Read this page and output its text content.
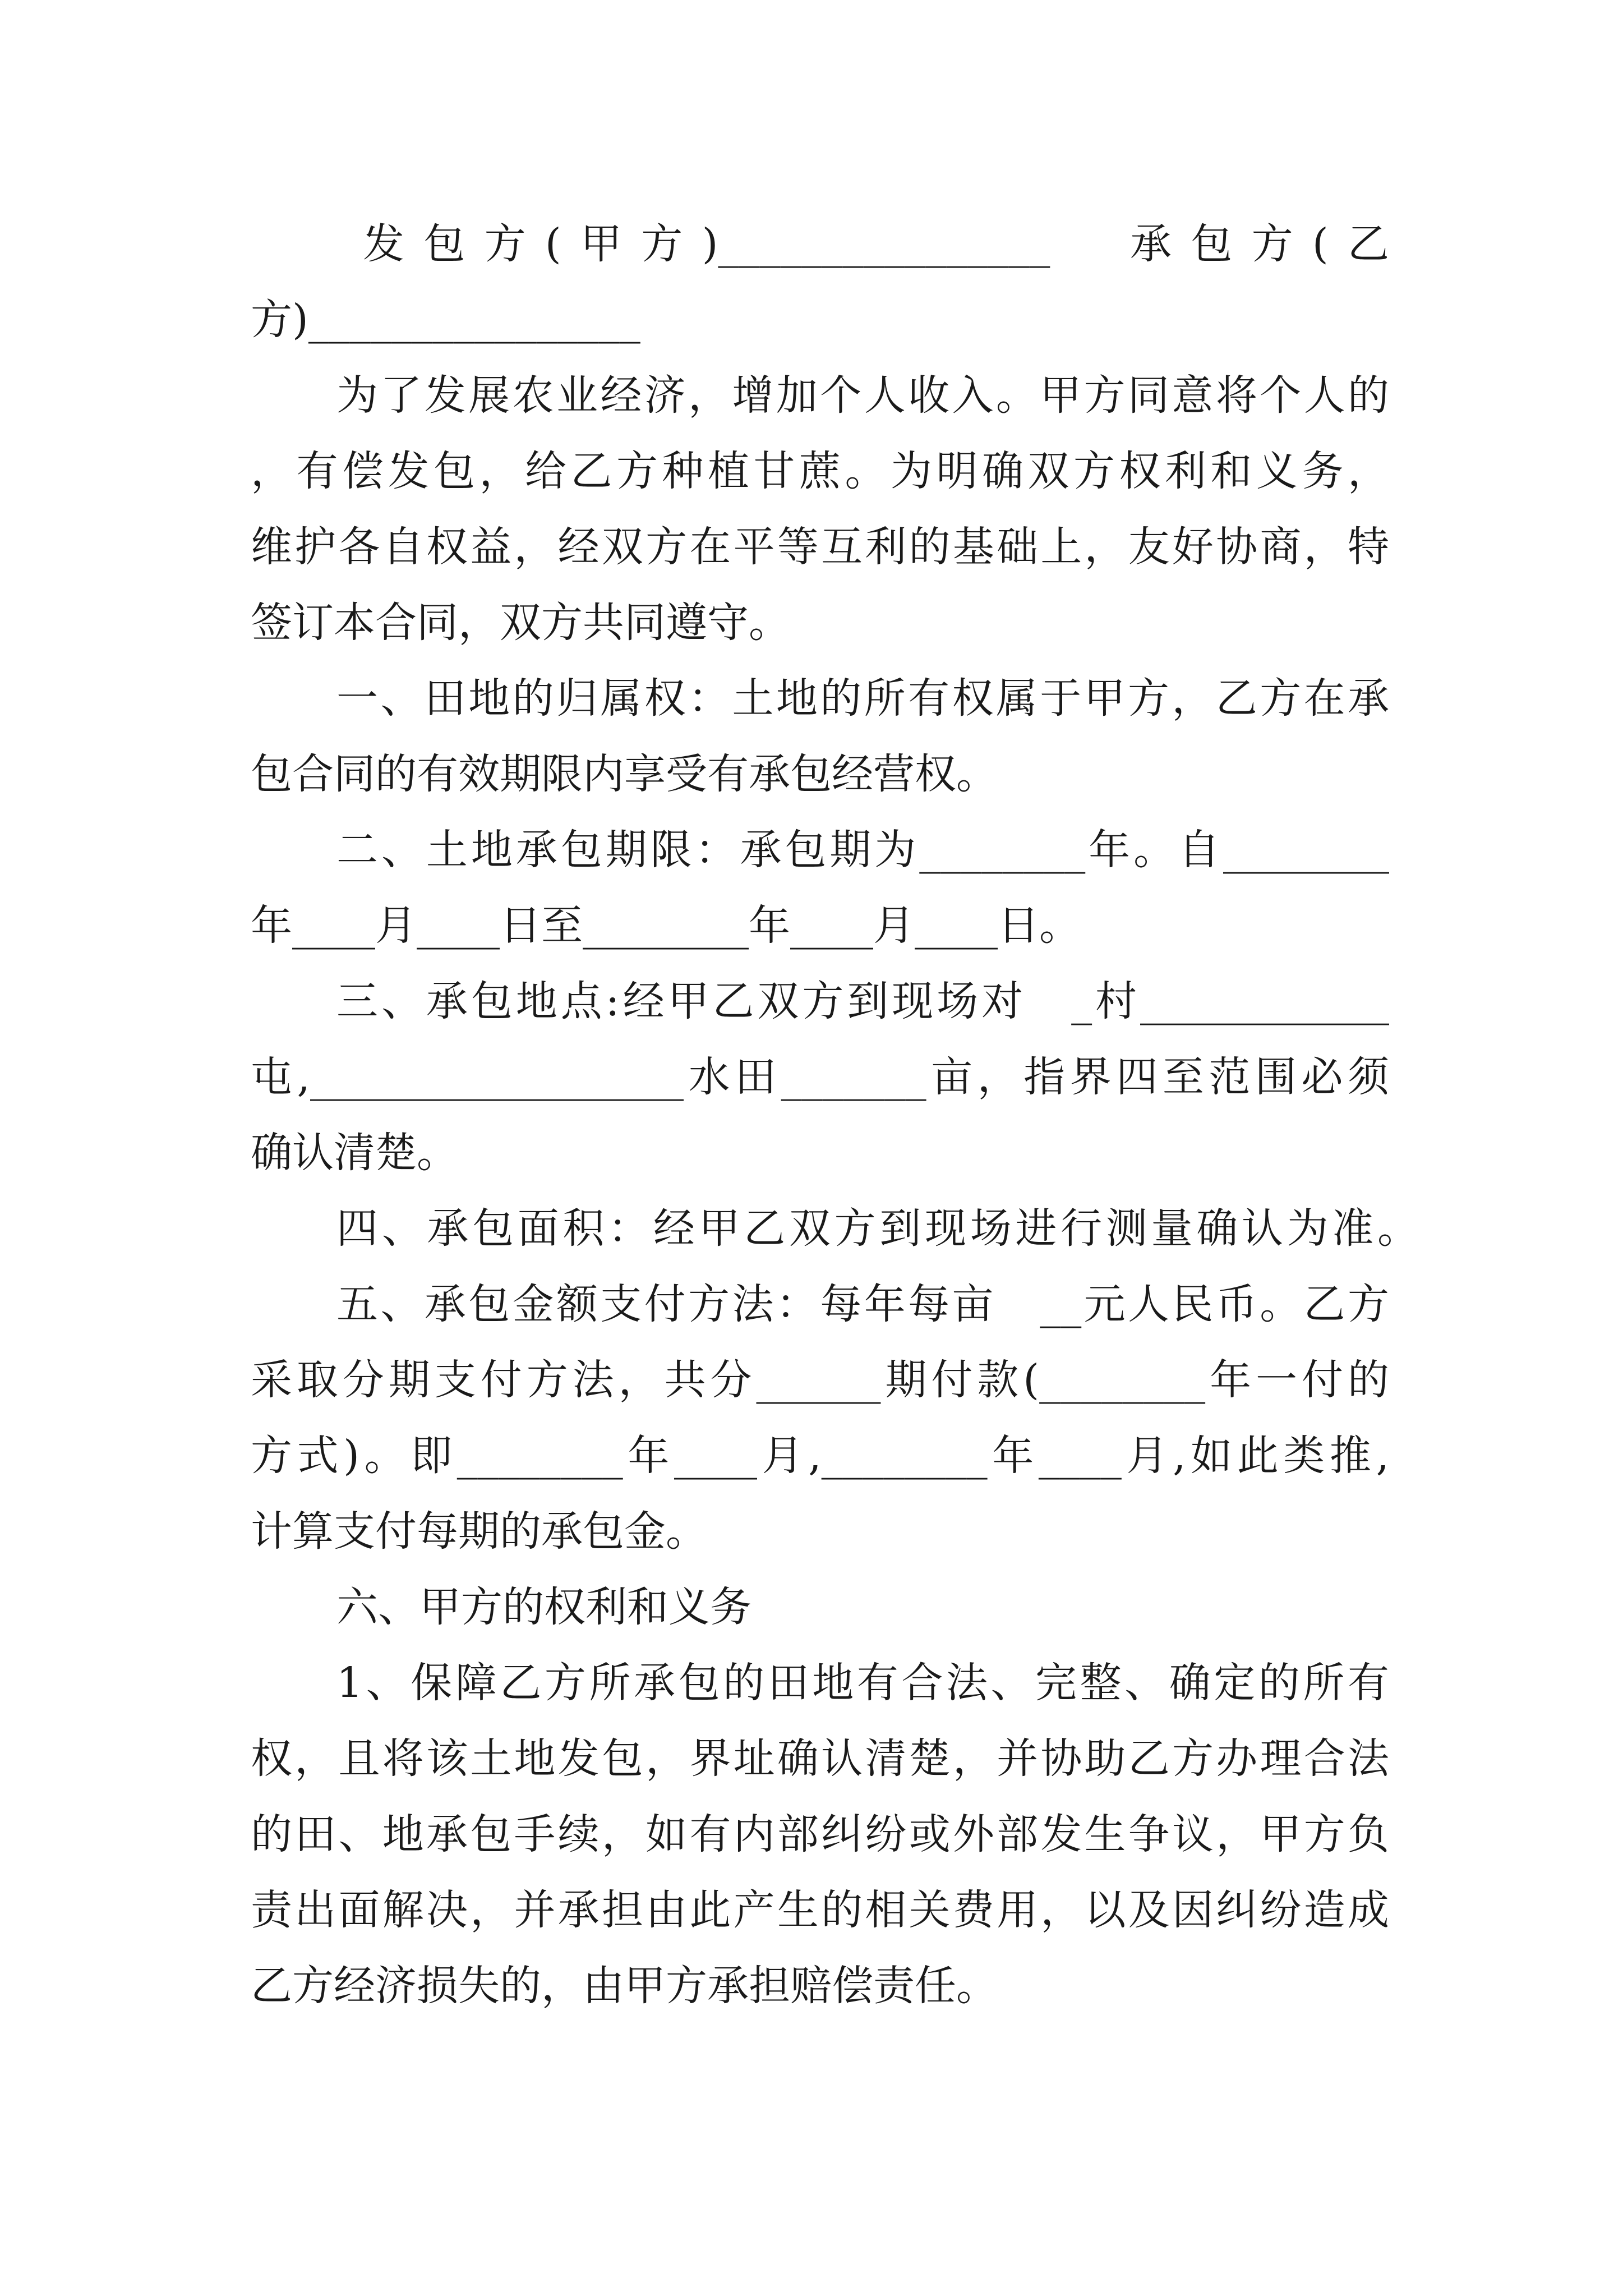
发包方(甲方)________________　承包方(乙
方)________________
为了发展农业经济，增加个人收入。甲方同意将个人的
，有偿发包，给乙方种植甘蔗。为明确双方权利和义务，
维护各自权益，经双方在平等互利的基础上，友好协商，特
签订本合同，双方共同遵守。
一、田地的归属权：土地的所有权属于甲方，乙方在承
包合同的有效期限内享受有承包经营权。
二、土地承包期限：承包期为________年。自________
年____月____日至________年____月____日。
三、承包地点:经甲乙双方到现场对　_村____________
屯,__________________水田_______亩，指界四至范围必须
确认清楚。
四、承包面积：经甲乙双方到现场进行测量确认为准。
五、承包金额支付方法：每年每亩　__元人民币。乙方
采取分期支付方法，共分______期付款(________年一付的
方式)。即________年____月,________年____月,如此类推,
计算支付每期的承包金。
六、甲方的权利和义务
1、保障乙方所承包的田地有合法、完整、确定的所有
权，且将该土地发包，界址确认清楚，并协助乙方办理合法
的田、地承包手续，如有内部纠纷或外部发生争议，甲方负
责出面解决，并承担由此产生的相关费用，以及因纠纷造成
乙方经济损失的，由甲方承担赔偿责任。
